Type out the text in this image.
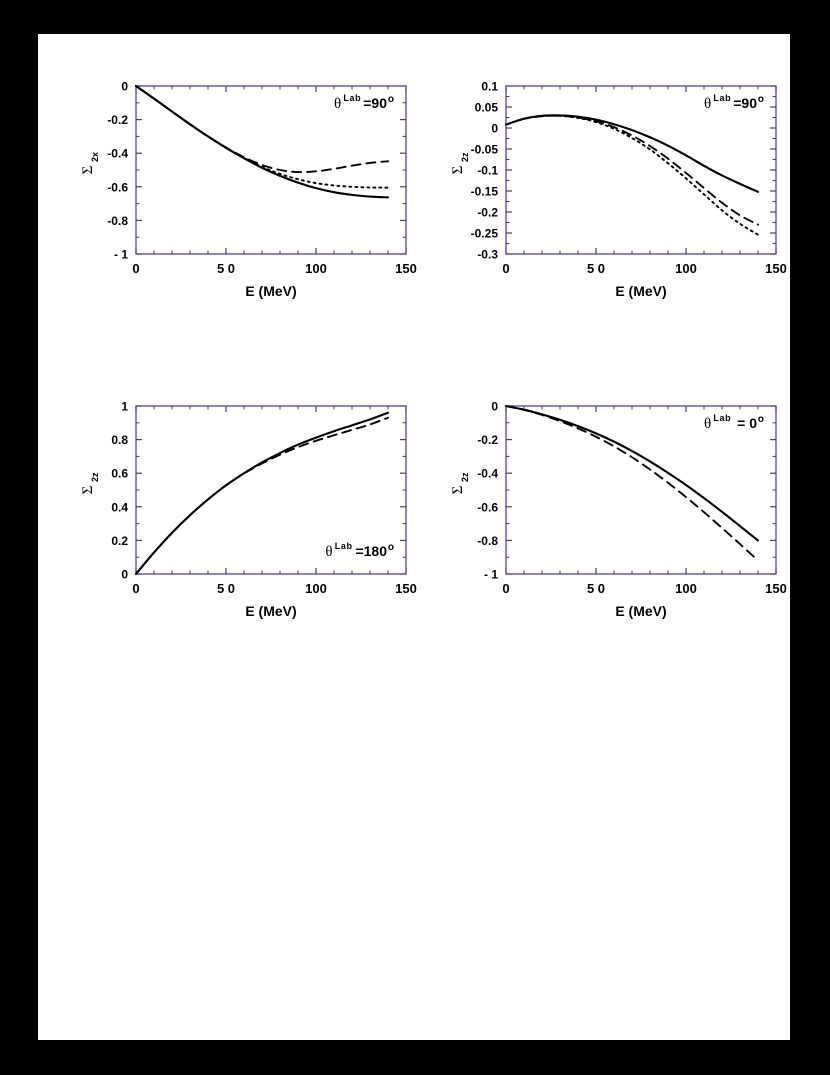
0	5 0	100	150
- 1
-0.8
-0.6
-0.4
-0.2
0
E (MeV)
Σ
2x
o
=90
Lab
θ
0	5 0	100	150
-0.3
-0.25
-0.2
-0.15
-0.1
-0.05
0
0.05
0.1
E (MeV)
Σ
2z
o
=90
Lab
θ
0	5 0	100	150
0
0.2
0.4
0.6
0.8
1
E (MeV)
Σ
2z
o
=180
Lab
θ
0	5 0	100	150
- 1
-0.8
-0.6
-0.4
-0.2
0
E (MeV)
Σ
2z
o
= 0
Lab
θ
